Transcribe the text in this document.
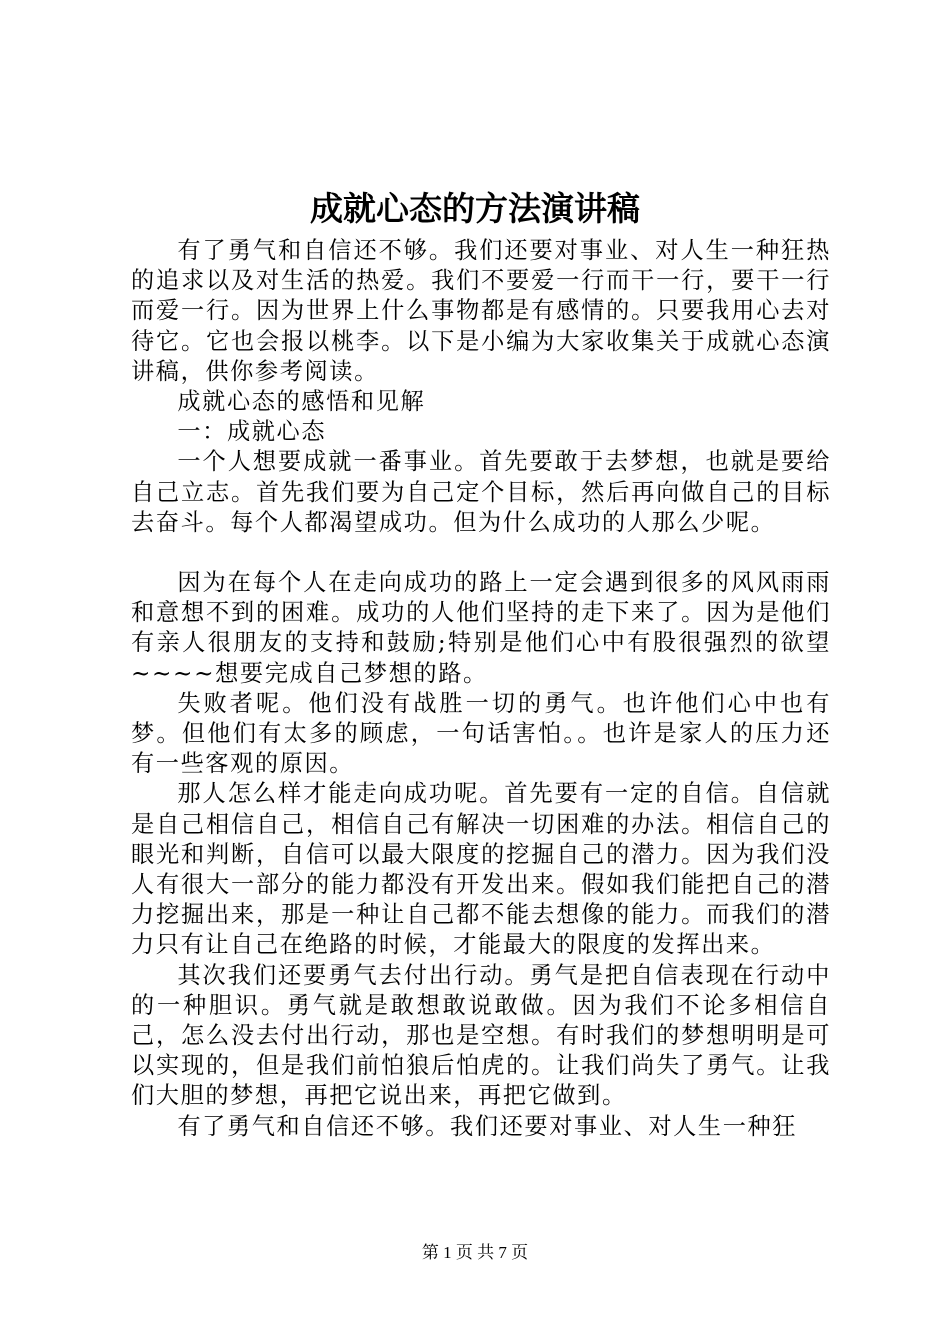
成就心态的方法演讲稿

有了勇气和自信还不够。我们还要对事业、对人生一种狂热的追求以及对生活的热爱。我们不要爱一行而干一行，要干一行而爱一行。因为世界上什么事物都是有感情的。只要我用心去对待它。它也会报以桃李。以下是小编为大家收集关于成就心态演讲稿，供你参考阅读。

成就心态的感悟和见解

一：成就心态

一个人想要成就一番事业。首先要敢于去梦想，也就是要给自己立志。首先我们要为自己定个目标，然后再向做自己的目标去奋斗。每个人都渴望成功。但为什么成功的人那么少呢。

因为在每个人在走向成功的路上一定会遇到很多的风风雨雨和意想不到的困难。成功的人他们坚持的走下来了。因为是他们有亲人很朋友的支持和鼓励;特别是他们心中有股很强烈的欲望~~~~想要完成自己梦想的路。

失败者呢。他们没有战胜一切的勇气。也许他们心中也有梦。但他们有太多的顾虑，一句话害怕。。也许是家人的压力还有一些客观的原因。

那人怎么样才能走向成功呢。首先要有一定的自信。自信就是自己相信自己，相信自己有解决一切困难的办法。相信自己的眼光和判断，自信可以最大限度的挖掘自己的潜力。因为我们没人有很大一部分的能力都没有开发出来。假如我们能把自己的潜力挖掘出来，那是一种让自己都不能去想像的能力。而我们的潜力只有让自己在绝路的时候，才能最大的限度的发挥出来。

其次我们还要勇气去付出行动。勇气是把自信表现在行动中的一种胆识。勇气就是敢想敢说敢做。因为我们不论多相信自己，怎么没去付出行动，那也是空想。有时我们的梦想明明是可以实现的，但是我们前怕狼后怕虎的。让我们尚失了勇气。让我们大胆的梦想，再把它说出来，再把它做到。

有了勇气和自信还不够。我们还要对事业、对人生一种狂

第 1 页 共 7 页
